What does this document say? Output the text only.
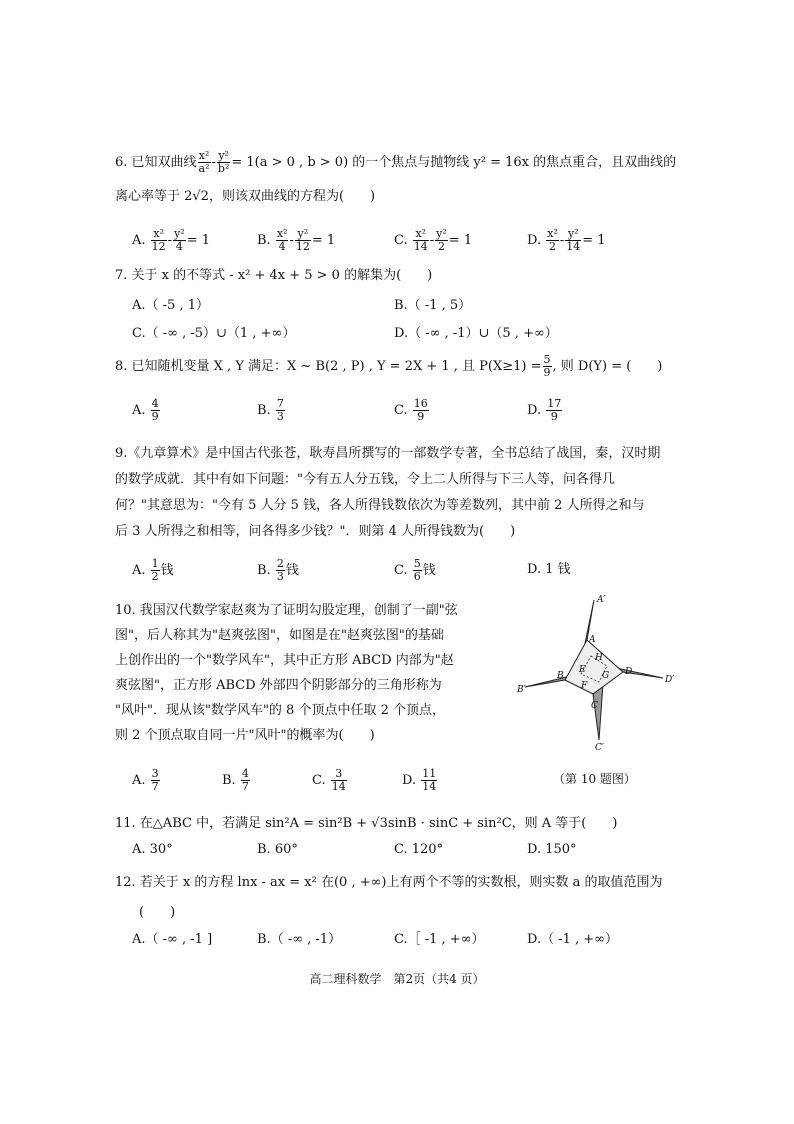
6. 已知双曲线 $\frac{\text{x²}}{\text{a²}} - \frac{\text{y²}}{\text{b²}} = 1(a > 0$ , b > 0) 的一个焦点与抛物线 y² = 16x 的焦点重合，且双曲线的
离心率等于 2√2，则该双曲线的方程为(　　)
A. $\frac{\text{x²}}{12} - \frac{\text{y²}}{4} = 1$	B. $\frac{\text{x²}}{4} - \frac{\text{y²}}{12} = 1$	C. $\frac{\text{x²}}{14} - \frac{\text{y²}}{2} = 1$	D. $\frac{\text{x²}}{2} - \frac{\text{y²}}{14} = 1$
7. 关于 x 的不等式 - x² + 4x + 5 > 0 的解集为(　　)
A.（ -5 , 1）	B.（ -1 , 5）
C.（ -∞ , -5）∪（1 , +∞）	D.（ -∞ , -1）∪（5 , +∞）
8. 已知随机变量 X , Y 满足：X ~ B(2 , P) , Y = 2X + 1 , 且 $P(X\ge 1) = \frac{5}{9}$ , 则 D(Y) = (　　)
A. $\frac{4}{9}$	B. $\frac{7}{3}$	C. $\frac{16}{9}$	D. $\frac{17}{9}$
9.《九章算术》是中国古代张苍，耿寿昌所撰写的一部数学专著，全书总结了战国，秦，汉时期
的数学成就．其中有如下问题："今有五人分五钱，令上二人所得与下三人等，问各得几
何？"其意思为："今有 5 人分 5 钱，各人所得钱数依次为等差数列，其中前 2 人所得之和与
后 3 人所得之和相等，问各得多少钱？"．则第 4 人所得钱数为(　　)
A. $\frac{1}{2}$ 钱	B. $\frac{2}{3}$ 钱	C. $\frac{5}{6}$ 钱	D. 1 钱
10. 我国汉代数学家赵爽为了证明勾股定理，创制了一副"弦
图"，后人称其为"赵爽弦图"，如图是在"赵爽弦图"的基础
上创作出的一个"数学风车"，其中正方形 ABCD 内部为"赵
爽弦图"，正方形 ABCD 外部四个阴影部分的三角形称为
"风叶"．现从该"数学风车"的 8 个顶点中任取 2 个顶点，
则 2 个顶点取自同一片"风叶"的概率为(　　)
A. $\frac{3}{7}$	B. $\frac{4}{7}$	C. $\frac{3}{14}$	D. $\frac{11}{14}$
A′
A
H
B
E
G D
D′
B′	F
C
C′
（第 10 题图）
11. 在△ABC 中，若满足 sin²A = sin²B + √3sinB · sinC + sin²C，则 A 等于(　　)
A. 30°	B. 60°	C. 120°	D. 150°
12. 若关于 x 的方程 lnx - ax = x² 在(0 , +∞)上有两个不等的实数根，则实数 a 的取值范围为
(　　)
A.（ -∞ , -1 ]	B.（ -∞ , -1）	C.［ -1 , +∞）	D.（ -1 , +∞）
高二理科数学　第2页（共4 页）
